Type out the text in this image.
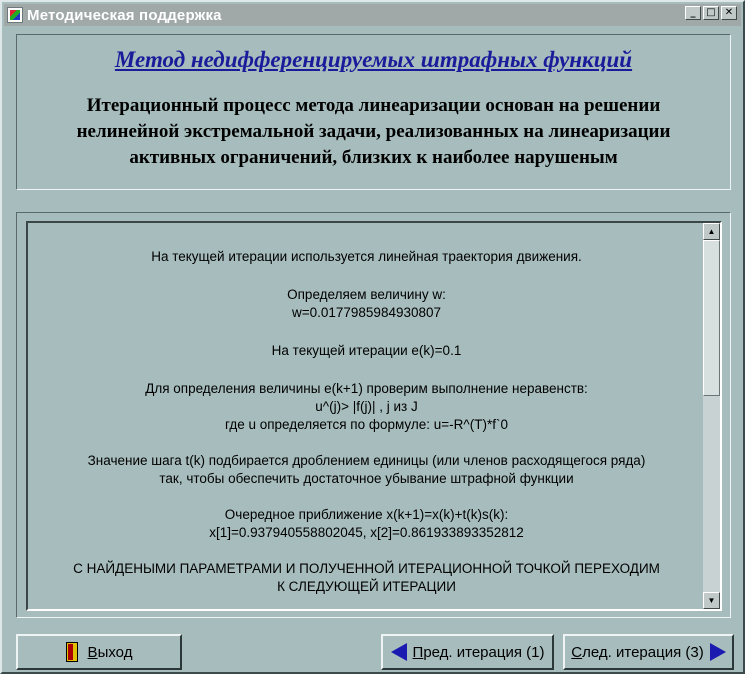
Методическая поддержка	_	□ ✕
Метод недифференцируемых штрафных функций
Итерационный процесс метода линеаризации основан на решении
нелинейной экстремальной задачи, реализованных на линеаризации
активных ограничений, близких к наиболее нарушеным
На текущей итерации используется линейная траектория движения.
Определяем величину w:
w=0.0177985984930807
На текущей итерации e(k)=0.1
Для определения величины e(k+1) проверим выполнение неравенств:
u^(j)> |f(j)| , j из J
где u определяется по формуле: u=-R^(T)*f`0
Значение шага t(k) подбирается дроблением единицы (или членов расходящегося ряда)
так, чтобы обеспечить достаточное убывание штрафной функции
Очередное приближение x(k+1)=x(k)+t(k)s(k):
x[1]=0.937940558802045, x[2]=0.861933893352812
С НАЙДЕНЫМИ ПАРАМЕТРАМИ И ПОЛУЧЕННОЙ ИТЕРАЦИОННОЙ ТОЧКОЙ ПЕРЕХОДИМ
К СЛЕДУЮЩЕЙ ИТЕРАЦИИ
▲
▼
Выход	Пред. итерация (1) След. итерация (3)
